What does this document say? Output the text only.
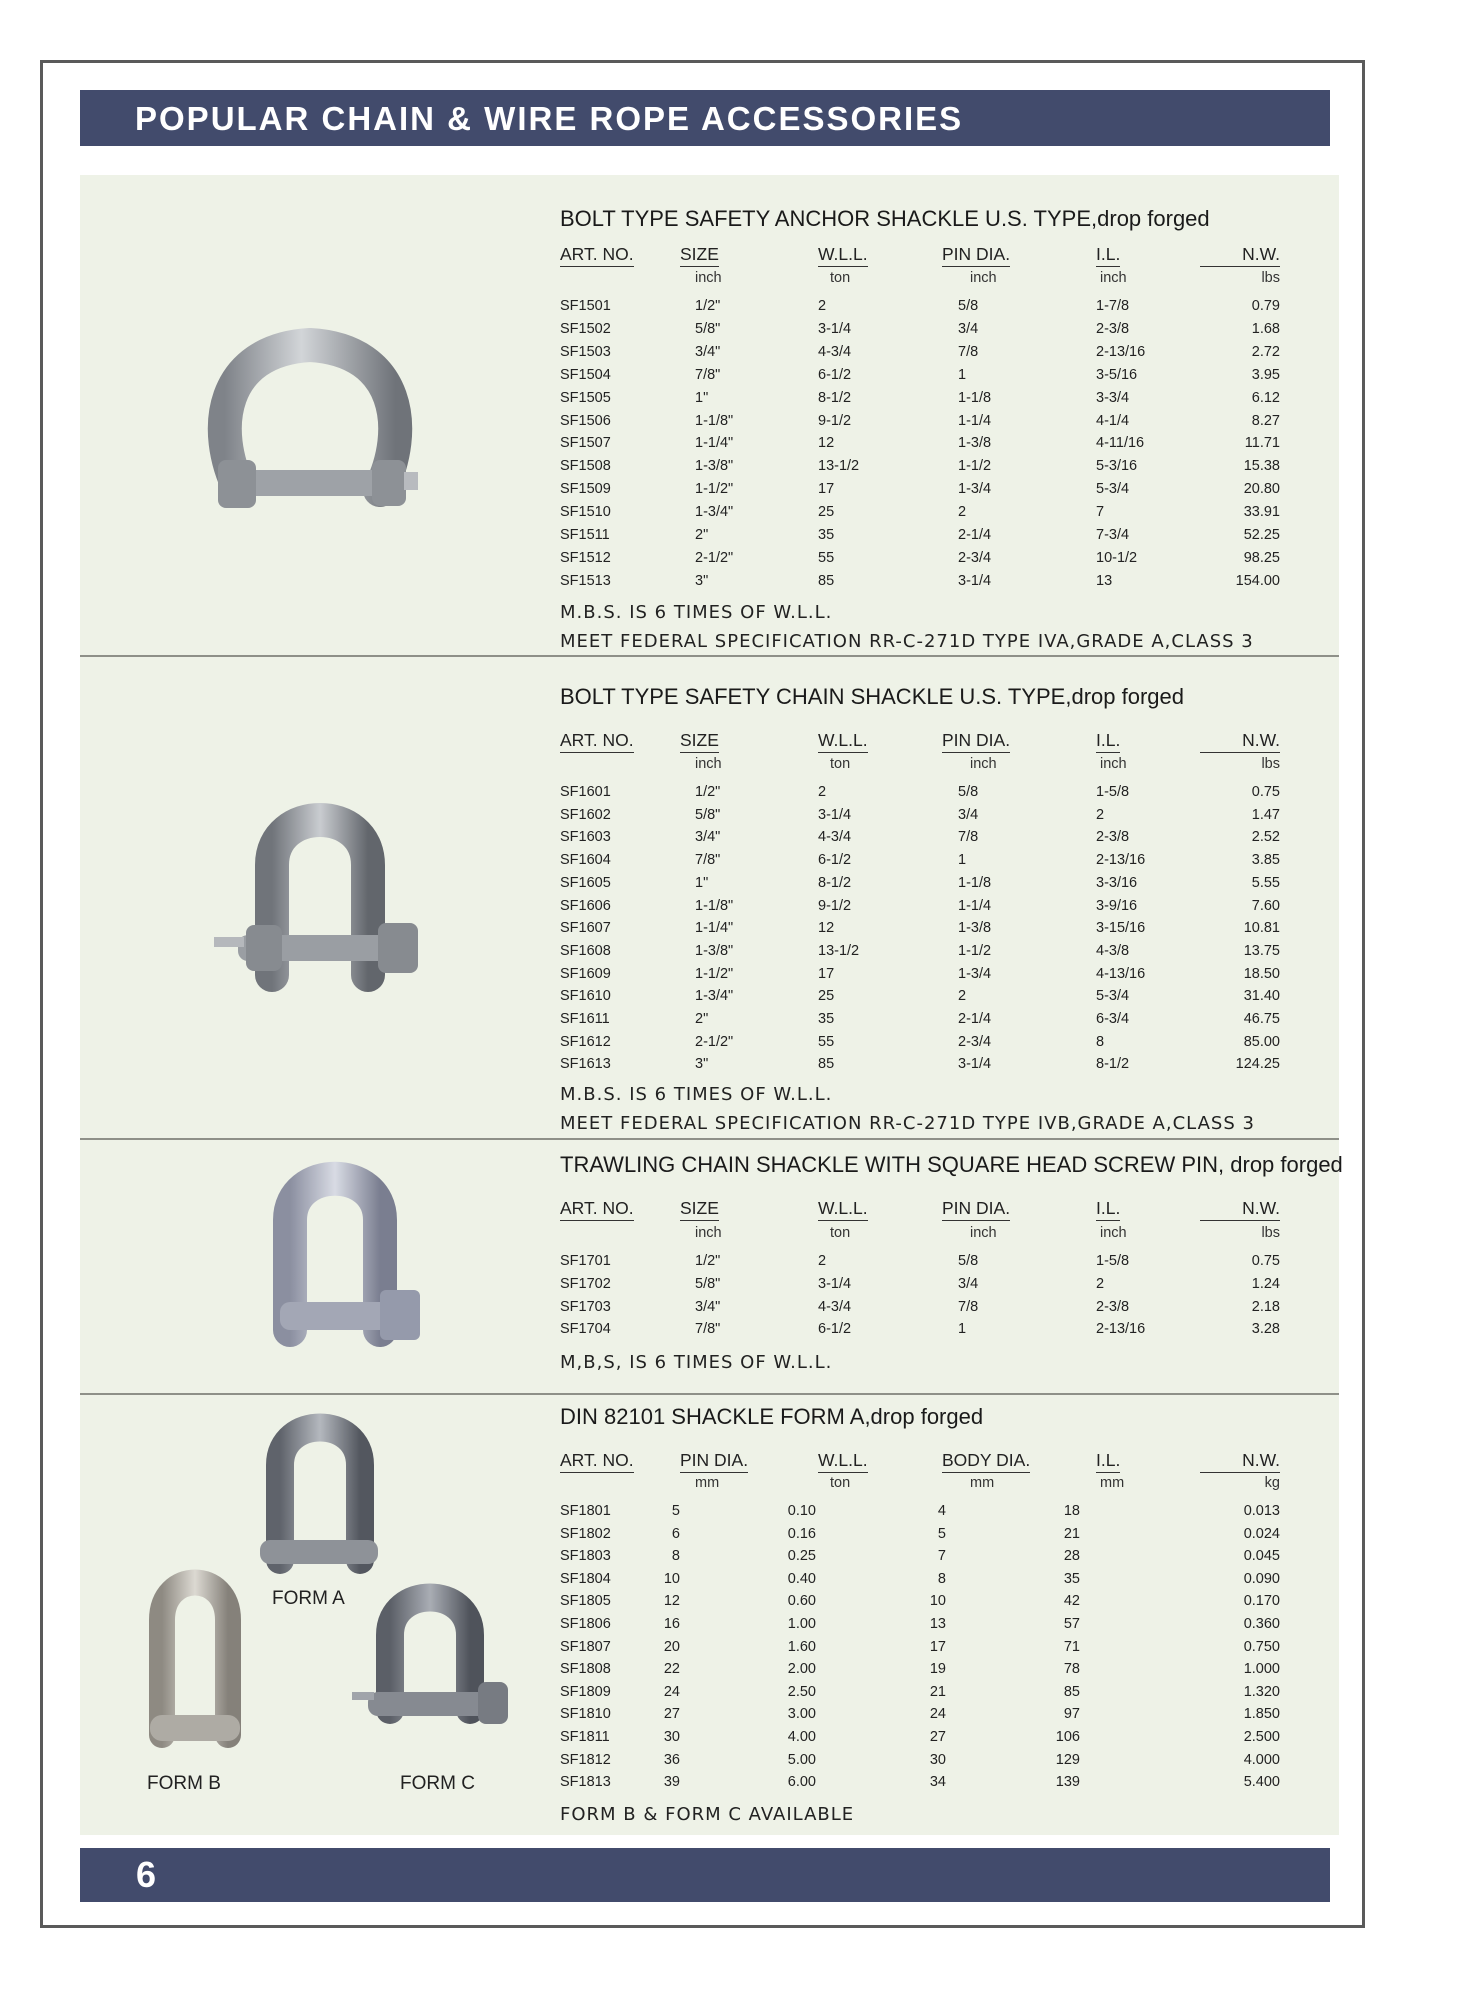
POPULAR CHAIN & WIRE ROPE ACCESSORIES
FORM A
FORM B	FORM C
BOLT TYPE SAFETY ANCHOR SHACKLE U.S. TYPE,drop forged
ART. NO.	SIZE	W.L.L.	PIN DIA.	I.L.	N.W.
inch	ton	inch	inch	lbs
SF1501	1/2"	2	5/8	1-7/8	0.79
SF1502	5/8"	3-1/4	3/4	2-3/8	1.68
SF1503	3/4"	4-3/4	7/8	2-13/16	2.72
SF1504	7/8"	6-1/2	1	3-5/16	3.95
SF1505	1"	8-1/2	1-1/8	3-3/4	6.12
SF1506	1-1/8"	9-1/2	1-1/4	4-1/4	8.27
SF1507	1-1/4"	12	1-3/8	4-11/16	11.71
SF1508	1-3/8"	13-1/2	1-1/2	5-3/16	15.38
SF1509	1-1/2"	17	1-3/4	5-3/4	20.80
SF1510	1-3/4"	25	2	7	33.91
SF1511	2"	35	2-1/4	7-3/4	52.25
SF1512	2-1/2"	55	2-3/4	10-1/2	98.25
SF1513	3"	85	3-1/4	13	154.00
M.B.S. IS 6 TIMES OF W.L.L.
MEET FEDERAL SPECIFICATION RR-C-271D TYPE IVA,GRADE A,CLASS 3
BOLT TYPE SAFETY CHAIN SHACKLE U.S. TYPE,drop forged
ART. NO.	SIZE	W.L.L.	PIN DIA.	I.L.	N.W.
inch	ton	inch	inch	lbs
SF1601	1/2"	2	5/8	1-5/8	0.75
SF1602	5/8"	3-1/4	3/4	2	1.47
SF1603	3/4"	4-3/4	7/8	2-3/8	2.52
SF1604	7/8"	6-1/2	1	2-13/16	3.85
SF1605	1"	8-1/2	1-1/8	3-3/16	5.55
SF1606	1-1/8"	9-1/2	1-1/4	3-9/16	7.60
SF1607	1-1/4"	12	1-3/8	3-15/16	10.81
SF1608	1-3/8"	13-1/2	1-1/2	4-3/8	13.75
SF1609	1-1/2"	17	1-3/4	4-13/16	18.50
SF1610	1-3/4"	25	2	5-3/4	31.40
SF1611	2"	35	2-1/4	6-3/4	46.75
SF1612	2-1/2"	55	2-3/4	8	85.00
SF1613	3"	85	3-1/4	8-1/2	124.25
M.B.S. IS 6 TIMES OF W.L.L.
MEET FEDERAL SPECIFICATION RR-C-271D TYPE IVB,GRADE A,CLASS 3
TRAWLING CHAIN SHACKLE WITH SQUARE HEAD SCREW PIN, drop forged
ART. NO.	SIZE	W.L.L.	PIN DIA.	I.L.	N.W.
inch	ton	inch	inch	lbs
SF1701	1/2"	2	5/8	1-5/8	0.75
SF1702	5/8"	3-1/4	3/4	2	1.24
SF1703	3/4"	4-3/4	7/8	2-3/8	2.18
SF1704	7/8"	6-1/2	1	2-13/16	3.28
M,B,S, IS 6 TIMES OF W.L.L.
DIN 82101 SHACKLE FORM A,drop forged
ART. NO.	PIN DIA.	W.L.L.	BODY DIA.	I.L.	N.W.
mm	ton	mm	mm	kg
SF1801	5	0.10	4	18	0.013
SF1802	6	0.16	5	21	0.024
SF1803	8	0.25	7	28	0.045
SF1804	10	0.40	8	35	0.090
SF1805	12	0.60	10	42	0.170
SF1806	16	1.00	13	57	0.360
SF1807	20	1.60	17	71	0.750
SF1808	22	2.00	19	78	1.000
SF1809	24	2.50	21	85	1.320
SF1810	27	3.00	24	97	1.850
SF1811	30	4.00	27	106	2.500
SF1812	36	5.00	30	129	4.000
SF1813	39	6.00	34	139	5.400
FORM B & FORM C AVAILABLE
6
